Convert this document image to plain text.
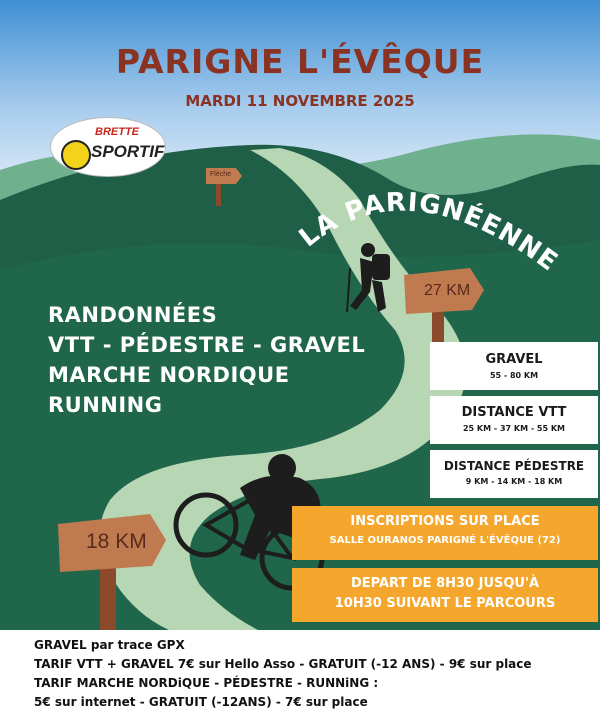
PARIGNE L'ÉVÊQUE
MARDI 11 NOVEMBRE 2025
BRETTE
SPORTIF
LA PARIGNÉENNE
Flèche
27 KM
18 KM
RANDONNÉES
VTT - PÉDESTRE - GRAVEL
MARCHE NORDIQUE
RUNNING
GRAVEL
55 - 80 KM
DISTANCE VTT
25 KM - 37 KM - 55 KM
DISTANCE PÉDESTRE
9 KM - 14 KM - 18 KM
INSCRIPTIONS SUR PLACE
SALLE OURANOS PARIGNÉ L'ÉVÊQUE (72)
DEPART DE 8H30 JUSQU'À
10H30 SUIVANT LE PARCOURS
GRAVEL par trace GPX
TARIF VTT + GRAVEL 7€ sur Hello Asso - GRATUIT (-12 ANS) - 9€ sur place
TARIF MARCHE NORDiQUE - PÉDESTRE - RUNNiNG :
5€ sur internet - GRATUIT (-12ANS) - 7€ sur place
